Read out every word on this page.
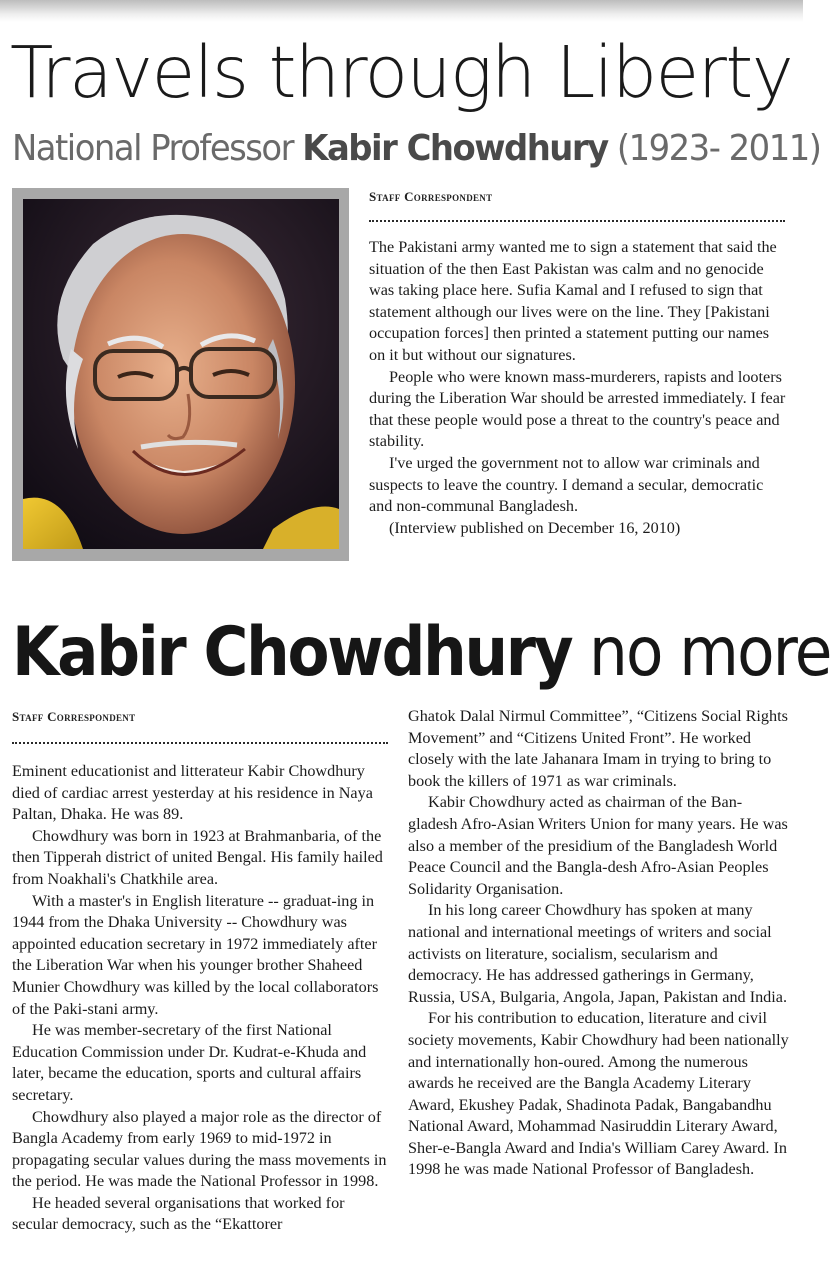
Travels through Liberty
National Professor Kabir Chowdhury (1923- 2011)
Staff Correspondent

The Pakistani army wanted me to sign a statement that said the situation of the then East Pakistan was calm and no genocide was taking place here. Sufia Kamal and I refused to sign that statement although our lives were on the line. They [Pakistani occupation forces] then printed a statement putting our names on it but without our signatures.

People who were known mass-murderers, rapists and looters during the Liberation War should be arrested immediately. I fear that these people would pose a threat to the country's peace and stability.

I've urged the government not to allow war criminals and suspects to leave the country. I demand a secular, democratic and non-communal Bangladesh.

(Interview published on December 16, 2010)

Kabir Chowdhury no more
Staff Correspondent

Eminent educationist and litterateur Kabir Chowdhury died of cardiac arrest yesterday at his residence in Naya Paltan, Dhaka. He was 89.

Chowdhury was born in 1923 at Brahmanbaria, of the then Tipperah district of united Bengal. His family hailed from Noakhali's Chatkhile area.

With a master's in English literature -- graduat-ing in 1944 from the Dhaka University -- Chowdhury was appointed education secretary in 1972 immediately after the Liberation War when his younger brother Shaheed Munier Chowdhury was killed by the local collaborators of the Paki-stani army.

He was member-secretary of the first National Education Commission under Dr. Kudrat-e-Khuda and later, became the education, sports and cultural affairs secretary.

Chowdhury also played a major role as the director of Bangla Academy from early 1969 to mid-1972 in propagating secular values during the mass movements in the period. He was made the National Professor in 1998.

He headed several organisations that worked for secular democracy, such as the “Ekattorer

Ghatok Dalal Nirmul Committee”, “Citizens Social Rights Movement” and “Citizens United Front”. He worked closely with the late Jahanara Imam in trying to bring to book the killers of 1971 as war criminals.

Kabir Chowdhury acted as chairman of the Ban-gladesh Afro-Asian Writers Union for many years. He was also a member of the presidium of the Bangladesh World Peace Council and the Bangla-desh Afro-Asian Peoples Solidarity Organisation.

In his long career Chowdhury has spoken at many national and international meetings of writers and social activists on literature, socialism, secularism and democracy. He has addressed gatherings in Germany, Russia, USA, Bulgaria, Angola, Japan, Pakistan and India.

For his contribution to education, literature and civil society movements, Kabir Chowdhury had been nationally and internationally hon-oured. Among the numerous awards he received are the Bangla Academy Literary Award, Ekushey Padak, Shadinota Padak, Bangabandhu National Award, Mohammad Nasiruddin Literary Award, Sher-e-Bangla Award and India's William Carey Award. In 1998 he was made National Professor of Bangladesh.
